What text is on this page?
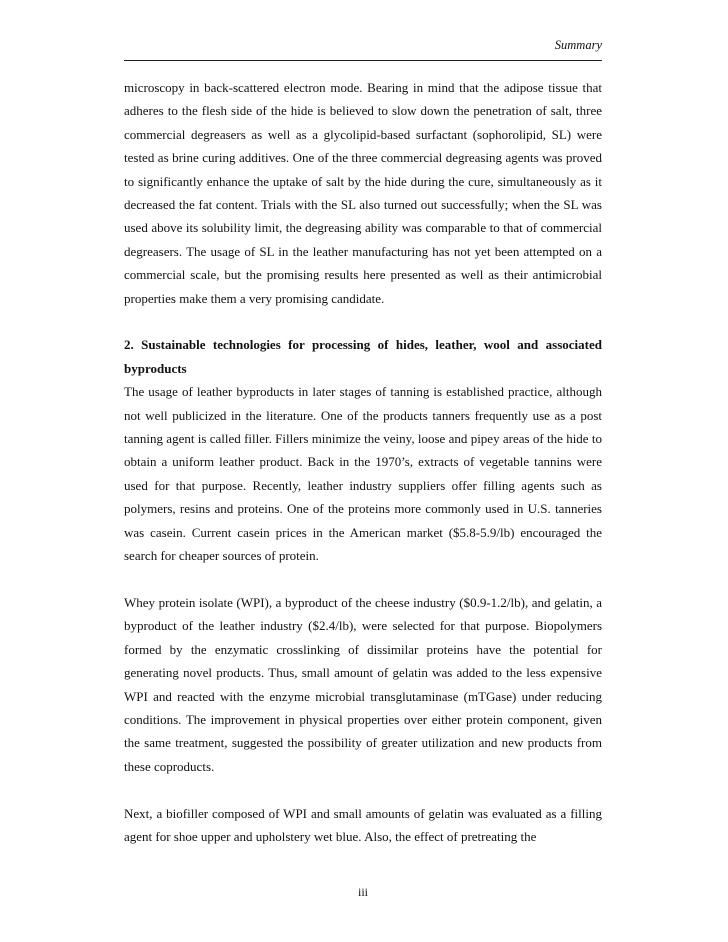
Summary

microscopy in back-scattered electron mode. Bearing in mind that the adipose tissue that adheres to the flesh side of the hide is believed to slow down the penetration of salt, three commercial degreasers as well as a glycolipid-based surfactant (sophorolipid, SL) were tested as brine curing additives. One of the three commercial degreasing agents was proved to significantly enhance the uptake of salt by the hide during the cure, simultaneously as it decreased the fat content. Trials with the SL also turned out successfully; when the SL was used above its solubility limit, the degreasing ability was comparable to that of commercial degreasers. The usage of SL in the leather manufacturing has not yet been attempted on a commercial scale, but the promising results here presented as well as their antimicrobial properties make them a very promising candidate.

2. Sustainable technologies for processing of hides, leather, wool and associated byproducts

The usage of leather byproducts in later stages of tanning is established practice, although not well publicized in the literature. One of the products tanners frequently use as a post tanning agent is called filler. Fillers minimize the veiny, loose and pipey areas of the hide to obtain a uniform leather product. Back in the 1970’s, extracts of vegetable tannins were used for that purpose. Recently, leather industry suppliers offer filling agents such as polymers, resins and proteins. One of the proteins more commonly used in U.S. tanneries was casein. Current casein prices in the American market ($5.8-5.9/lb) encouraged the search for cheaper sources of protein.

Whey protein isolate (WPI), a byproduct of the cheese industry ($0.9-1.2/lb), and gelatin, a byproduct of the leather industry ($2.4/lb), were selected for that purpose. Biopolymers formed by the enzymatic crosslinking of dissimilar proteins have the potential for generating novel products. Thus, small amount of gelatin was added to the less expensive WPI and reacted with the enzyme microbial transglutaminase (mTGase) under reducing conditions. The improvement in physical properties over either protein component, given the same treatment, suggested the possibility of greater utilization and new products from these coproducts.

Next, a biofiller composed of WPI and small amounts of gelatin was evaluated as a filling agent for shoe upper and upholstery wet blue. Also, the effect of pretreating the

iii
